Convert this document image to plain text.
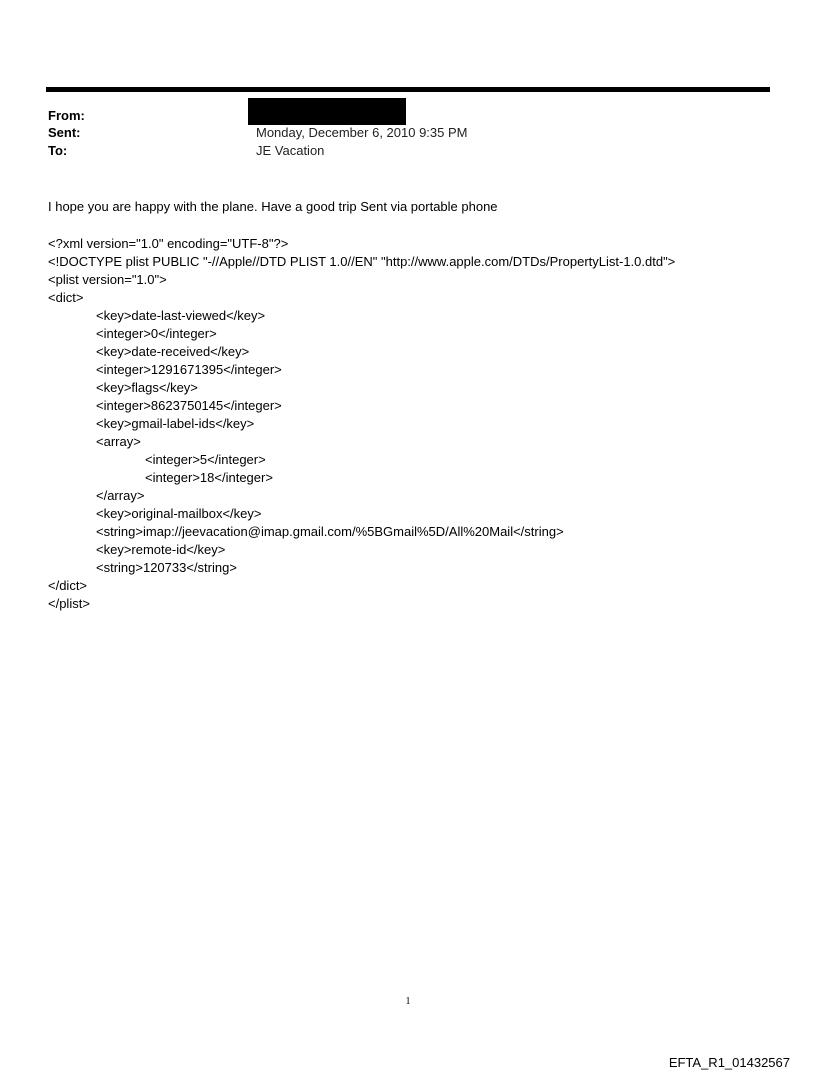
From:
Sent:	Monday, December 6, 2010 9:35 PM
To:	JE Vacation
I hope you are happy with the plane. Have a good trip Sent via portable phone
<?xml version="1.0" encoding="UTF-8"?>
<!DOCTYPE plist PUBLIC "-//Apple//DTD PLIST 1.0//EN" "http://www.apple.com/DTDs/PropertyList-1.0.dtd">
<plist version="1.0">
<dict>
<key>date-last-viewed</key>
<integer>0</integer>
<key>date-received</key>
<integer>1291671395</integer>
<key>flags</key>
<integer>8623750145</integer>
<key>gmail-label-ids</key>
<array>
<integer>5</integer>
<integer>18</integer>
</array>
<key>original-mailbox</key>
<string>imap://jeevacation@imap.gmail.com/%5BGmail%5D/All%20Mail</string>
<key>remote-id</key>
<string>120733</string>
</dict>
</plist>
1
EFTA_R1_01432567
